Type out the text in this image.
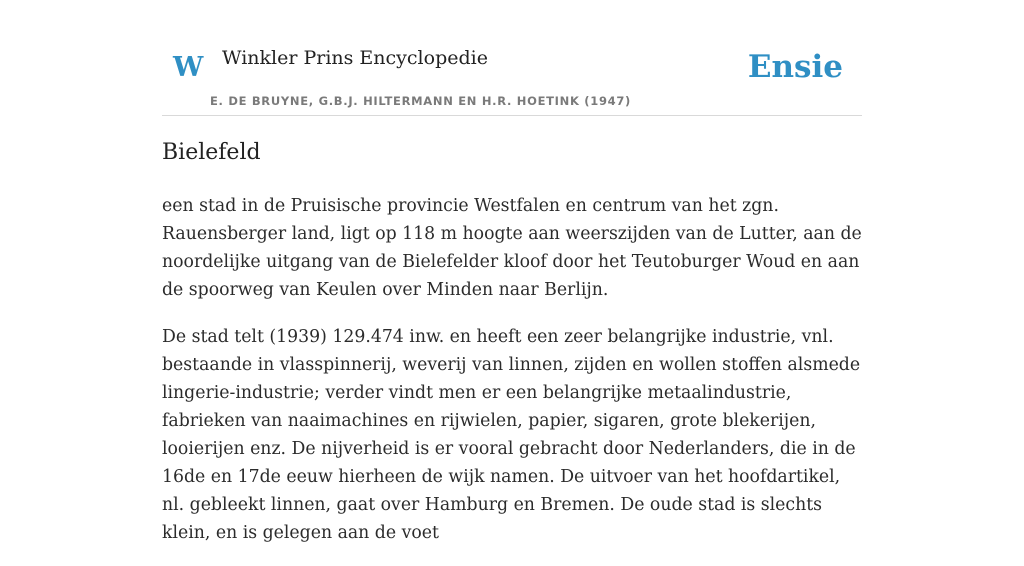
W Winkler Prins Encyclopedie
E. DE BRUYNE, G.B.J. HILTERMANN EN H.R. HOETINK (1947)
Ensie
Bielefeld

een stad in de Pruisische provincie Westfalen en centrum van het zgn. Rauensberger land, ligt op 118 m hoogte aan weerszijden van de Lutter, aan de noordelijke uitgang van de Bielefelder kloof door het Teutoburger Woud en aan de spoorweg van Keulen over Minden naar Berlijn.

De stad telt (1939) 129.474 inw. en heeft een zeer belangrijke industrie, vnl. bestaande in vlasspinnerij, weverij van linnen, zijden en wollen stoffen alsmede lingerie-industrie; verder vindt men er een belangrijke metaalindustrie, fabrieken van naaimachines en rijwielen, papier, sigaren, grote blekerijen, looierijen enz. De nijverheid is er vooral gebracht door Nederlanders, die in de 16de en 17de eeuw hierheen de wijk namen. De uitvoer van het hoofdartikel, nl. gebleekt linnen, gaat over Hamburg en Bremen. De oude stad is slechts klein, en is gelegen aan de voet
